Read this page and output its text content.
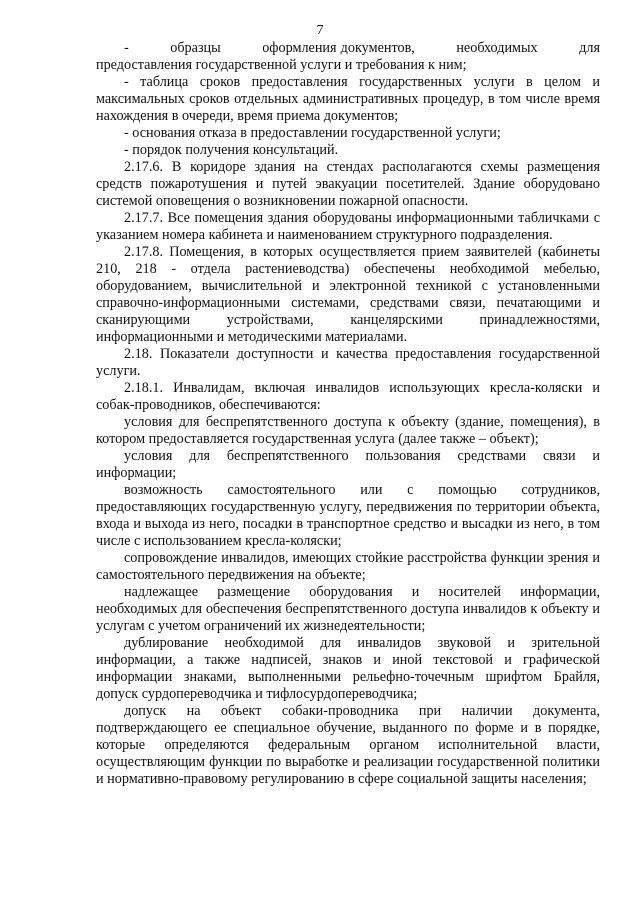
7

-          образцы          оформления документов,          необходимых          для предоставления государственной услуги и требования к ним;

- таблица сроков предоставления государственных услуги в целом и максимальных сроков отдельных административных процедур, в том числе время нахождения в очереди, время приема документов;

- основания отказа в предоставлении государственной услуги;

- порядок получения консультаций.

2.17.6. В коридоре здания на стендах располагаются схемы размещения средств пожаротушения и путей эвакуации посетителей. Здание оборудовано системой оповещения о возникновении пожарной опасности.

2.17.7. Все помещения здания оборудованы информационными табличками с указанием номера кабинета и наименованием структурного подразделения.

2.17.8. Помещения, в которых осуществляется прием заявителей (кабинеты 210, 218 - отдела растениеводства) обеспечены необходимой мебелью, оборудованием, вычислительной и электронной техникой с установленными справочно-информационными системами, средствами связи, печатающими и сканирующими устройствами, канцелярскими принадлежностями, информационными и методическими материалами.

2.18. Показатели доступности и качества предоставления государственной услуги.

2.18.1. Инвалидам, включая инвалидов использующих кресла-коляски и собак-проводников, обеспечиваются:

условия для беспрепятственного доступа к объекту (здание, помещения), в котором предоставляется государственная услуга (далее также – объект);

условия для беспрепятственного пользования средствами связи и информации;

возможность самостоятельного или с помощью сотрудников, предоставляющих государственную услугу, передвижения по территории объекта, входа и выхода из него, посадки в транспортное средство и высадки из него, в том числе с использованием кресла-коляски;

сопровождение инвалидов, имеющих стойкие расстройства функции зрения и самостоятельного передвижения на объекте;

надлежащее размещение оборудования и носителей информации, необходимых для обеспечения беспрепятственного доступа инвалидов к объекту и услугам с учетом ограничений их жизнедеятельности;

дублирование необходимой для инвалидов звуковой и зрительной информации, а также надписей, знаков и иной текстовой и графической информации знаками, выполненными рельефно-точечным шрифтом Брайля, допуск сурдопереводчика и тифлосурдопереводчика;

допуск на объект собаки-проводника при наличии документа, подтверждающего ее специальное обучение, выданного по форме и в порядке, которые определяются федеральным органом исполнительной власти, осуществляющим функции по выработке и реализации государственной политики и нормативно-правовому регулированию в сфере социальной защиты населения;
